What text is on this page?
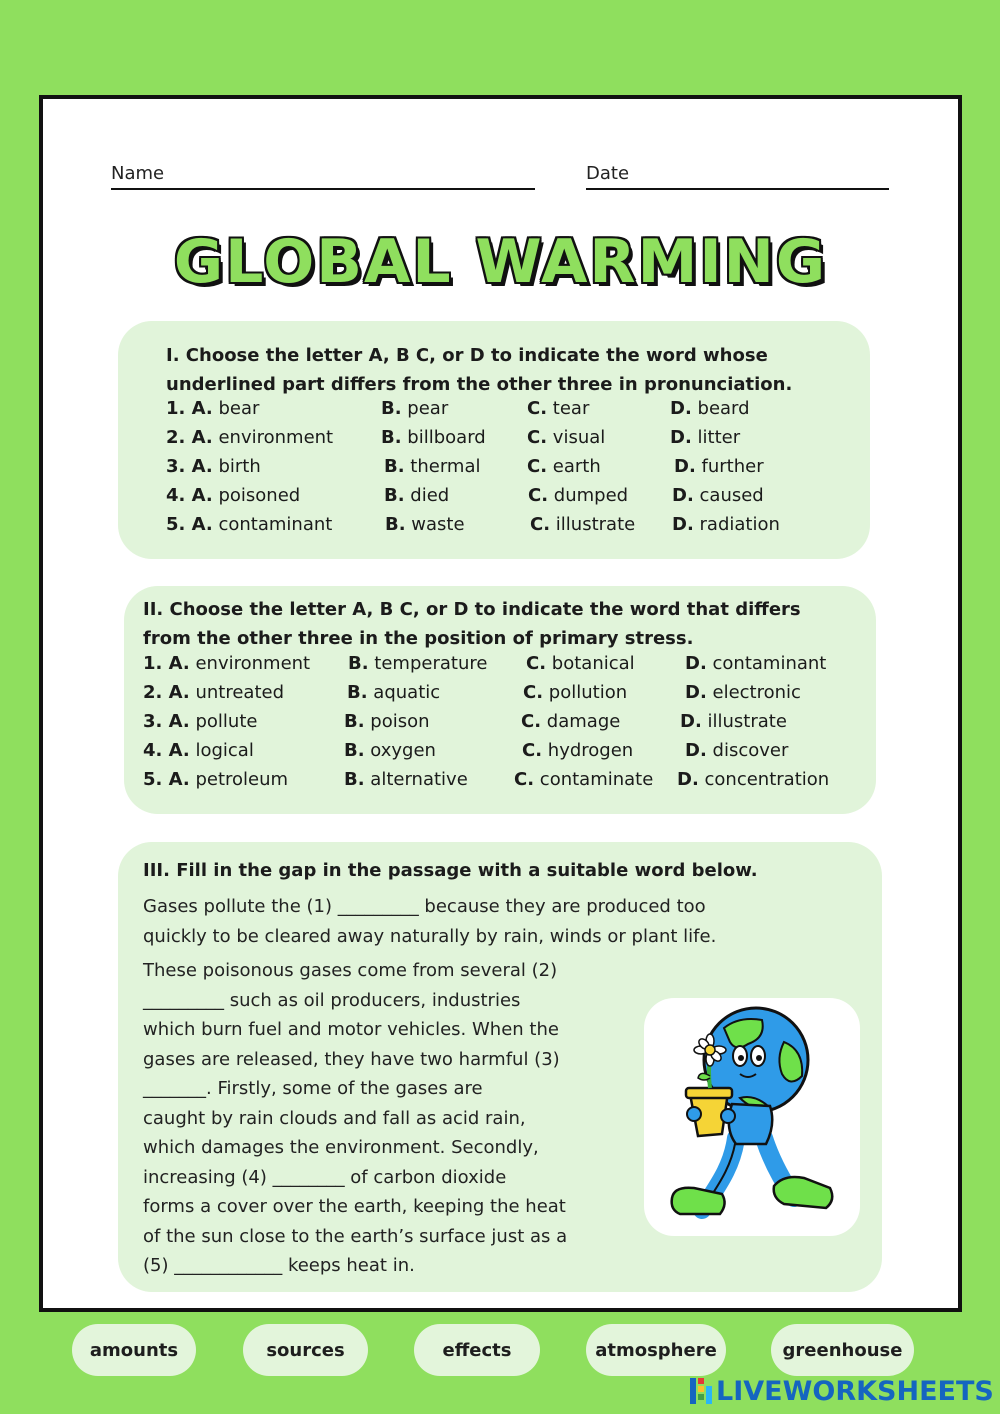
Name	Date
GLOBAL WARMING
I. Choose the letter A, B C, or D to indicate the word whose
underlined part differs from the other three in pronunciation.
1. A. bear	B. pear	C. tear	D. beard
2. A. environment	B. billboard C. visual	D. litter
3. A. birth	B. thermal	C. earth	D. further
4. A. poisoned	B. died	C. dumped D. caused
5. A. contaminant	B. waste	C. illustrate D. radiation
II. Choose the letter A, B C, or D to indicate the word that differs
from the other three in the position of primary stress.
1. A. environment B. temperature C. botanical	D. contaminant
2. A. untreated	B. aquatic	C. pollution	D. electronic
3. A. pollute	B. poison	C. damage	D. illustrate
4. A. logical	B. oxygen	C. hydrogen	D. discover
5. A. petroleum	B. alternative	C. contaminate D. concentration
III. Fill in the gap in the passage with a suitable word below.
Gases pollute the (1) _________ because they are produced too
quickly to be cleared away naturally by rain, winds or plant life.
These poisonous gases come from several (2)
_________ such as oil producers, industries
which burn fuel and motor vehicles. When the
gases are released, they have two harmful (3)
_______. Firstly, some of the gases are
caught by rain clouds and fall as acid rain,
which damages the environment. Secondly,
increasing (4) ________ of carbon dioxide
forms a cover over the earth, keeping the heat
of the sun close to the earth’s surface just as a
(5) ____________ keeps heat in.
amounts	sources	effects	atmosphere	greenhouse
LIVEWORKSHEETS
